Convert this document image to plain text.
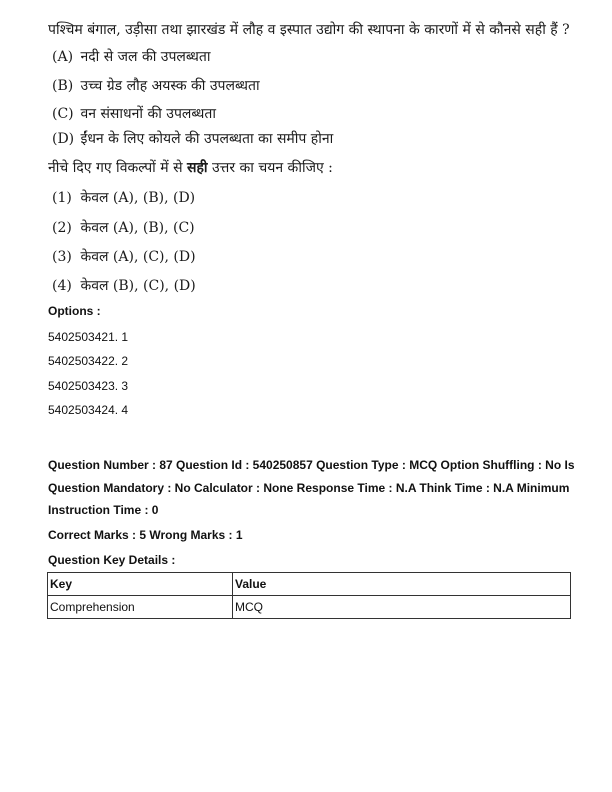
पश्चिम बंगाल, उड़ीसा तथा झारखंड में लौह व इस्पात उद्योग की स्थापना के कारणों में से कौनसे सही हैं ?
(A) नदी से जल की उपलब्धता
(B) उच्च ग्रेड लौह अयस्क की उपलब्धता
(C) वन संसाधनों की उपलब्धता
(D) ईंधन के लिए कोयले की उपलब्धता का समीप होना
नीचे दिए गए विकल्पों में से सही उत्तर का चयन कीजिए :
(1) केवल (A), (B), (D)
(2) केवल (A), (B), (C)
(3) केवल (A), (C), (D)
(4) केवल (B), (C), (D)
Options :
5402503421. 1
5402503422. 2
5402503423. 3
5402503424. 4
Question Number : 87 Question Id : 540250857 Question Type : MCQ Option Shuffling : No Is
Question Mandatory : No Calculator : None Response Time : N.A Think Time : N.A Minimum
Instruction Time : 0
Correct Marks : 5 Wrong Marks : 1
Question Key Details :
Key	Value
Comprehension	MCQ
